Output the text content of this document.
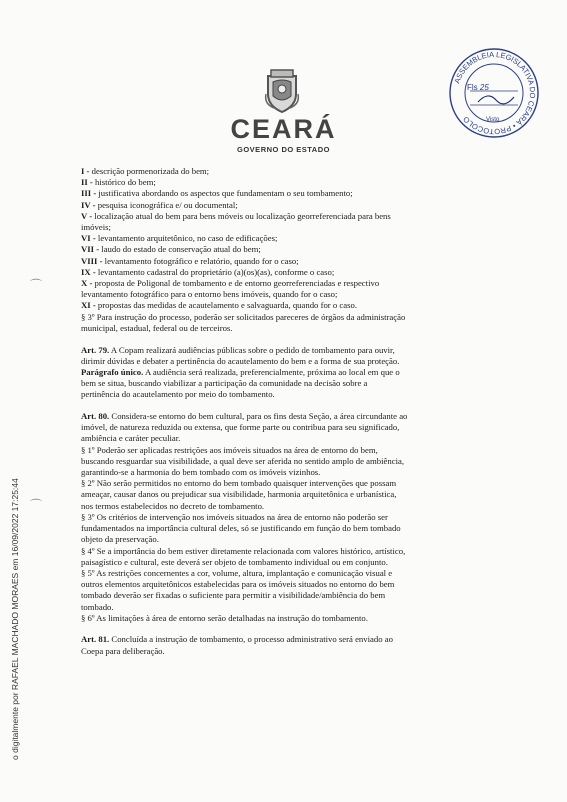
CEARÁ
GOVERNO DO ESTADO
ASSEMBLEIA LEGISLATIVA DO CEARÁ • PROTOCOLO
Fls 25
Visto
I - descrição pormenorizada do bem;
II - histórico do bem;
III - justificativa abordando os aspectos que fundamentam o seu tombamento;
IV - pesquisa iconográfica e/ ou documental;
V - localização atual do bem para bens móveis ou localização georreferenciada para bens
imóveis;
VI - levantamento arquitetônico, no caso de edificações;
VII - laudo do estado de conservação atual do bem;
VIII - levantamento fotográfico e relatório, quando for o caso;
IX - levantamento cadastral do proprietário (a)(os)(as), conforme o caso;
X - proposta de Poligonal de tombamento e de entorno georreferenciadas e respectivo
levantamento fotográfico para o entorno bens imóveis, quando for o caso;
XI - propostas das medidas de acautelamento e salvaguarda, quando for o caso.
§ 3º Para instrução do processo, poderão ser solicitados pareceres de órgãos da administração
municipal, estadual, federal ou de terceiros.
Art. 79. A Copam realizará audiências públicas sobre o pedido de tombamento para ouvir,
dirimir dúvidas e debater a pertinência do acautelamento do bem e a forma de sua proteção.
Parágrafo único. A audiência será realizada, preferencialmente, próxima ao local em que o
bem se situa, buscando viabilizar a participação da comunidade na decisão sobre a
pertinência do acautelamento por meio do tombamento.
Art. 80. Considera-se entorno do bem cultural, para os fins desta Seção, a área circundante ao
imóvel, de natureza reduzida ou extensa, que forme parte ou contribua para seu significado,
ambiência e caráter peculiar.
§ 1º Poderão ser aplicadas restrições aos imóveis situados na área de entorno do bem,
buscando resguardar sua visibilidade, a qual deve ser aferida no sentido amplo de ambiência,
garantindo-se a harmonia do bem tombado com os imóveis vizinhos.
§ 2º Não serão permitidos no entorno do bem tombado quaisquer intervenções que possam
ameaçar, causar danos ou prejudicar sua visibilidade, harmonia arquitetônica e urbanística,
nos termos estabelecidos no decreto de tombamento.
§ 3º Os critérios de intervenção nos imóveis situados na área de entorno não poderão ser
fundamentados na importância cultural deles, só se justificando em função do bem tombado
objeto da preservação.
§ 4º Se a importância do bem estiver diretamente relacionada com valores histórico, artístico,
paisagístico e cultural, este deverá ser objeto de tombamento individual ou em conjunto.
§ 5º As restrições concernentes a cor, volume, altura, implantação e comunicação visual e
outros elementos arquitetônicos estabelecidas para os imóveis situados no entorno do bem
tombado deverão ser fixadas o suficiente para permitir a visibilidade/ambiência do bem
tombado.
§ 6º As limitações à área de entorno serão detalhadas na instrução do tombamento.
Art. 81. Concluída a instrução de tombamento, o processo administrativo será enviado ao
Coepa para deliberação.
⌒
⌒
o digitalmente por RAFAEL MACHADO MORAES em 16/09/2022 17:25:44
